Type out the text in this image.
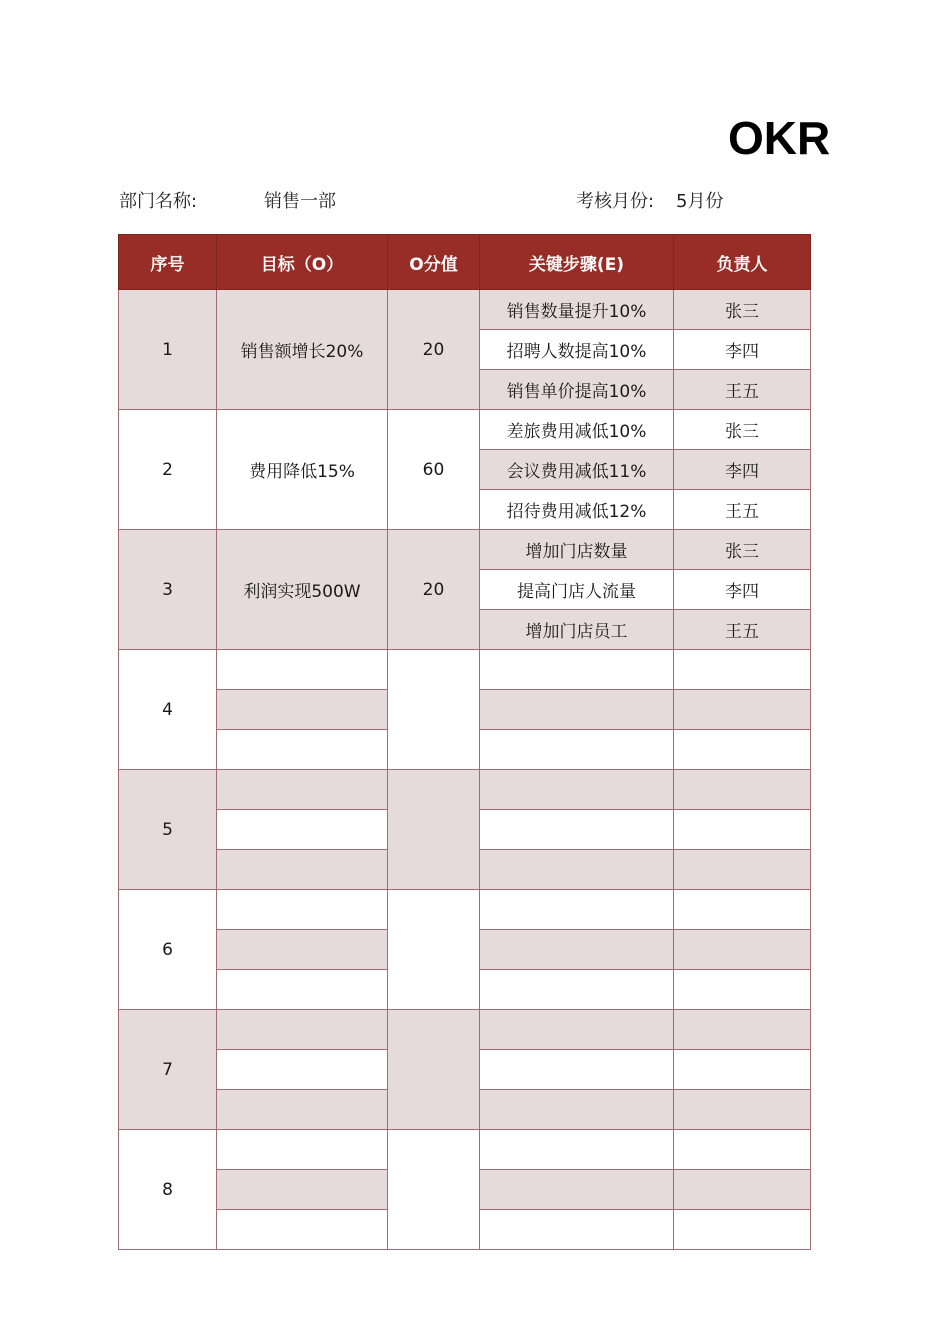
OKR
部门名称:	销售一部	考核月份: 5月份
序号	目标（O）	O分值	关键步骤(E)	负责人
1	销售额增长20%	20	销售数量提升10%	张三
			招聘人数提高10%	李四
			销售单价提高10%	王五
2	费用降低15%	60	差旅费用减低10%	张三
			会议费用减低11%	李四
			招待费用减低12%	王五
3	利润实现500W	20	增加门店数量	张三
			提高门店人流量	李四
			增加门店员工	王五
4				

5				

6				

7				

8				
